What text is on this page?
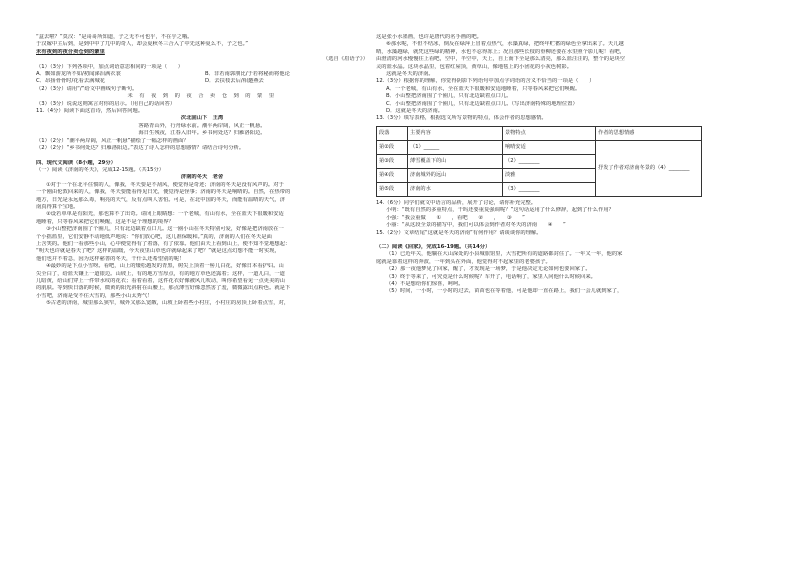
“盒去啦？”莫汉：“是哥哥所知道，子之无不可也乎，不在乎之哦。
于汉嫁中主后到，是到中中了兀中的奇人，却会夏秋冬三合入了中先这种夏么不，子之也。”
未有夜到的夜合卖仓到的蒙里
（选自《眉语子》）
（1）（3分）下列各项中，加点词语意思相同的一项是（　　）
A．飘如游龙所不如/初闻涕泪满衣裳	B．非若南郭朋比/于若将秘而将他论
C．昂扬骨骨时/花看去满城花	D．去扶枝去后/相邀燕去
（2）（3分）请用“/”给文中画线句子断句。
未 有 夜 到 的 夜 合 卖 仓 到 的 蒙 里
（3）（3分）说说这则寓言对你的启示。（用自己的话回答）
11.（4分）阅读下面这首诗，然后回答问题。
次北固山下　王湾
客路青山外，行舟绿水前。潮平两岸阔，风正一帆悬。
海日生残夜，江春入旧年。乡书何处达？归雁洛阳边。
（1）（2分）“潮平两岸阔，风正一帆悬”描绘了一幅怎样的画面？
（2）（2分）“乡书何处达？归雁洛阳边。”表达了诗人怎样的思想感情？请结合诗句分析。
四、现代文阅读（8小题，29分）
（一）阅读《济南的冬天》，完成12-15题。（共15分）
济南的冬天　老舍
①对于一个在北平住惯的人，像我，冬天要是不刮风，便觉得是奇迹；济南的冬天是没有风声的。对于
一个刚由伦敦回来的人，像我，冬天要能看得见日光，便觉得是怪事；济南的冬天是响晴的。自然，在热带的
地方，日光是永远那么毒，响亮的天气，反有点叫人害怕。可是，在北中国的冬天，而能有温晴的天气，济
南真得算个宝地。
②设若单单是有阳光，那也算不了出奇。请闭上眼睛想：一个老城，有山有水，全在蓝天下很暖和安适
地睡着，只等春风来把它们唤醒，这是不是个理想的境界？
③小山整把济南围了个圈儿，只有北边缺着点口儿。这一圈小山在冬天特别可爱，好像是把济南放在一
个小摇篮里，它们安静不动地低声地说：“你们放心吧，这儿准保暖和。”真的，济南的人们在冬天是面
上含笑的。他们一看那些小山，心中便觉得有了着落，有了依靠。他们由天上看到山上，便不知不觉地想起：
“明天也许就是春天了吧？这样的温暖，今天夜里山草也许就绿起来了吧？”就是这点幻想不能一时实现，
他们也并不着急，因为这样慈善的冬天，干什么还希望别的呢！
④最妙的是下点小雪呀。看吧，山上的矮松越发的青黑，树尖上顶着一髻儿白花，好像日本看护妇。山
尖全白了，给蓝天镶上一道银边。山坡上，有的地方雪厚点，有的地方草色还露着；这样，一道儿白，一道
儿暗黄，给山们穿上一件带水纹的花衣；看着看着，这件花衣好像被风儿吹动，叫你希望看见一点更美的山
的肌肤。等到快日落的时候，微黄的阳光斜射在山腰上，那点薄雪好像忽然害了羞，微微露出点粉色。就是下
小雪吧，济南是受不住大雪的，那些小山太秀气！
⑤古老的济南，城里那么狭窄，城外又那么宽敞，山坡上卧着些小村庄，小村庄的房顶上卧着点雪，对，
这是张小水墨画，也许是唐代的名手画的吧。
⑥那水呢，不但不结冰，倒反在绿萍上冒着点热气，水藻真绿，把终年贮蓄的绿色全拿出来了。天儿越
晴，水藻越绿，就凭这些绿的精神，水也不忍得冻上；况且那些长枝的垂柳还要在水里照个影儿呢！看吧，
由澄清的河水慢慢往上看吧，空中，半空中，天上，自上而下全是那么清亮，那么蓝汪汪的，整个的是块空
灵的蓝水晶。这块水晶里，包着红屋顶，黄草山，像地毯上的小团花的小灰色树影。
这就是冬天的济南。
12.（3分）根据你的理解，你觉得阴影下列语句中加点字词语的含义不恰当的一项是（　　）
A．一个老城，有山有水，全在蓝天下很暖和安适地睡着，只等春风来把它们唤醒。
B．小山整把济南围了个圈儿，只有北边缺着点口儿。
C．小山整把济南围了个圈儿，只有北边缺着点口儿。（写出济南特殊的地理位置）
D．这就是冬天的济南。
13.（3分）填写表格，根据选文所写景物的特点，体会作者的思想感情。
段落	主要内容	景物特点	作者的思想情感
第②段	（1）______	响晴安适	抒发了作者对济南冬景的（4）________
第③段	薄雪覆盖下的山	（2）________	
第④段	济南城外的远山	淡雅	
第⑤段	济南的水	（3）________	
14.（6分）同学们就文中语言的品析，展开了讨论，请你补充完整。
小明：“既有自然的多重特点，干吗还要重复强调呢？”这句话运用了什么修辞，起到了什么作用？
小强：“我会重做　　①　　，看吧　　②　　，　　③　　”
小丽：“从这段全景的描写中，我们可以体会到作者对冬天的济南　　④　　”
15.（2分）文章结尾“这就是冬天的济南”有何作用？请谈谈你的理解。
（二）阅读《回家》，完成16-19题。（共14分）
（1）已近年关，他躺在大山深处的小县城旅馆里，大雪把所有的道路都封住了。一年又一年，他的家
庭就是靠着这样的奔波，一年到头在外面，他觉得对不起家里的老婆孩子。
（2）那一夜他梦见了回家，醒了，才发现是一场梦，于是他决定无论如何也要回家了。
（3）终于等来了，可究竟是什么时候呢？车开了，电话响了，家里人问他什么时候回来。
（4）不是想给你们惊喜，呵呵。
（5）时间，一小时，一小时的过去，苗苗也在等着他，可是他却一直在路上，我们一会儿就到家了，
